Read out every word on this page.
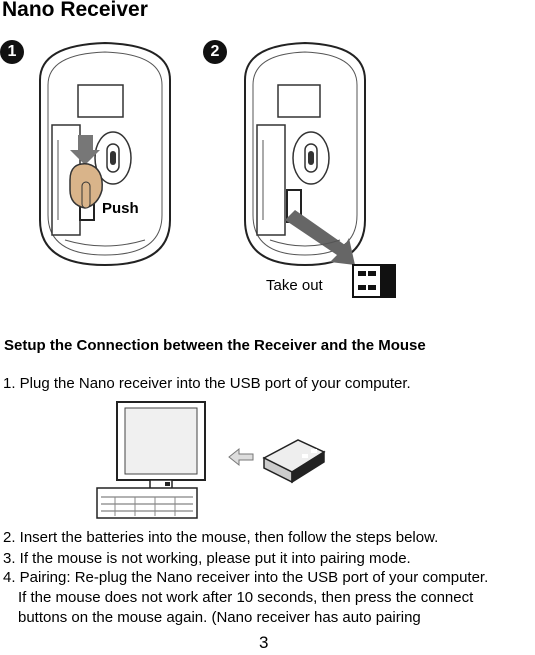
Nano Receiver
1	2
Push
Take out
Setup the Connection between the Receiver and the Mouse
1. Plug the Nano receiver into the USB port of your computer.
2. Insert the batteries into the mouse, then follow the steps below.
3. If the mouse is not working, please put it into pairing mode.
4. Pairing: Re-plug the Nano receiver into the USB port of your computer.
If the mouse does not work after 10 seconds, then press the connect
buttons on the mouse again. (Nano receiver has auto pairing
3
